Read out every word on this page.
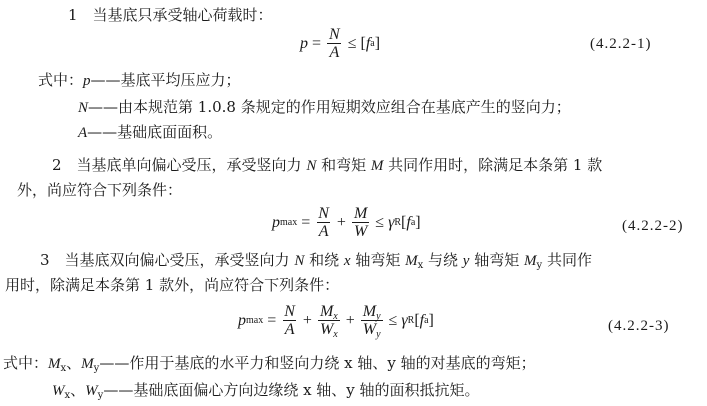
1　当基底只承受轴心荷载时：
$p = \frac{N}{A}$ ≤ [ f a ]	(4.2.2-1)
式中：p——基底平均压应力；
N——由本规范第 1.0.8 条规定的作用短期效应组合在基底产生的竖向力；
A——基础底面面积。
2　当基底单向偏心受压，承受竖向力 N 和弯矩 M 共同作用时，除满足本条第 1 款
外，尚应符合下列条件：
p $\max = \frac{N}{A} + \frac{M}{W} \le \gamma$ R [ f a ]	(4.2.2-2)
3　当基底双向偏心受压，承受竖向力 N 和绕 x 轴弯矩 $M_x$ 与绕 y 轴弯矩 $M_y$ 共同作
用时，除满足本条第 1 款外，尚应符合下列条件：
p $\max = \frac{N}{A} + \frac{M_x}{W_x} + \frac{M_y}{W_y} \le \gamma$ R [ f a ]	(4.2.2-3)
式中：$M_x$、$M_y——$作用于基底的水平力和竖向力绕 x 轴、y 轴的对基底的弯矩；
$W_x$、$W_y——$基础底面偏心方向边缘绕 x 轴、y 轴的面积抵抗矩。
